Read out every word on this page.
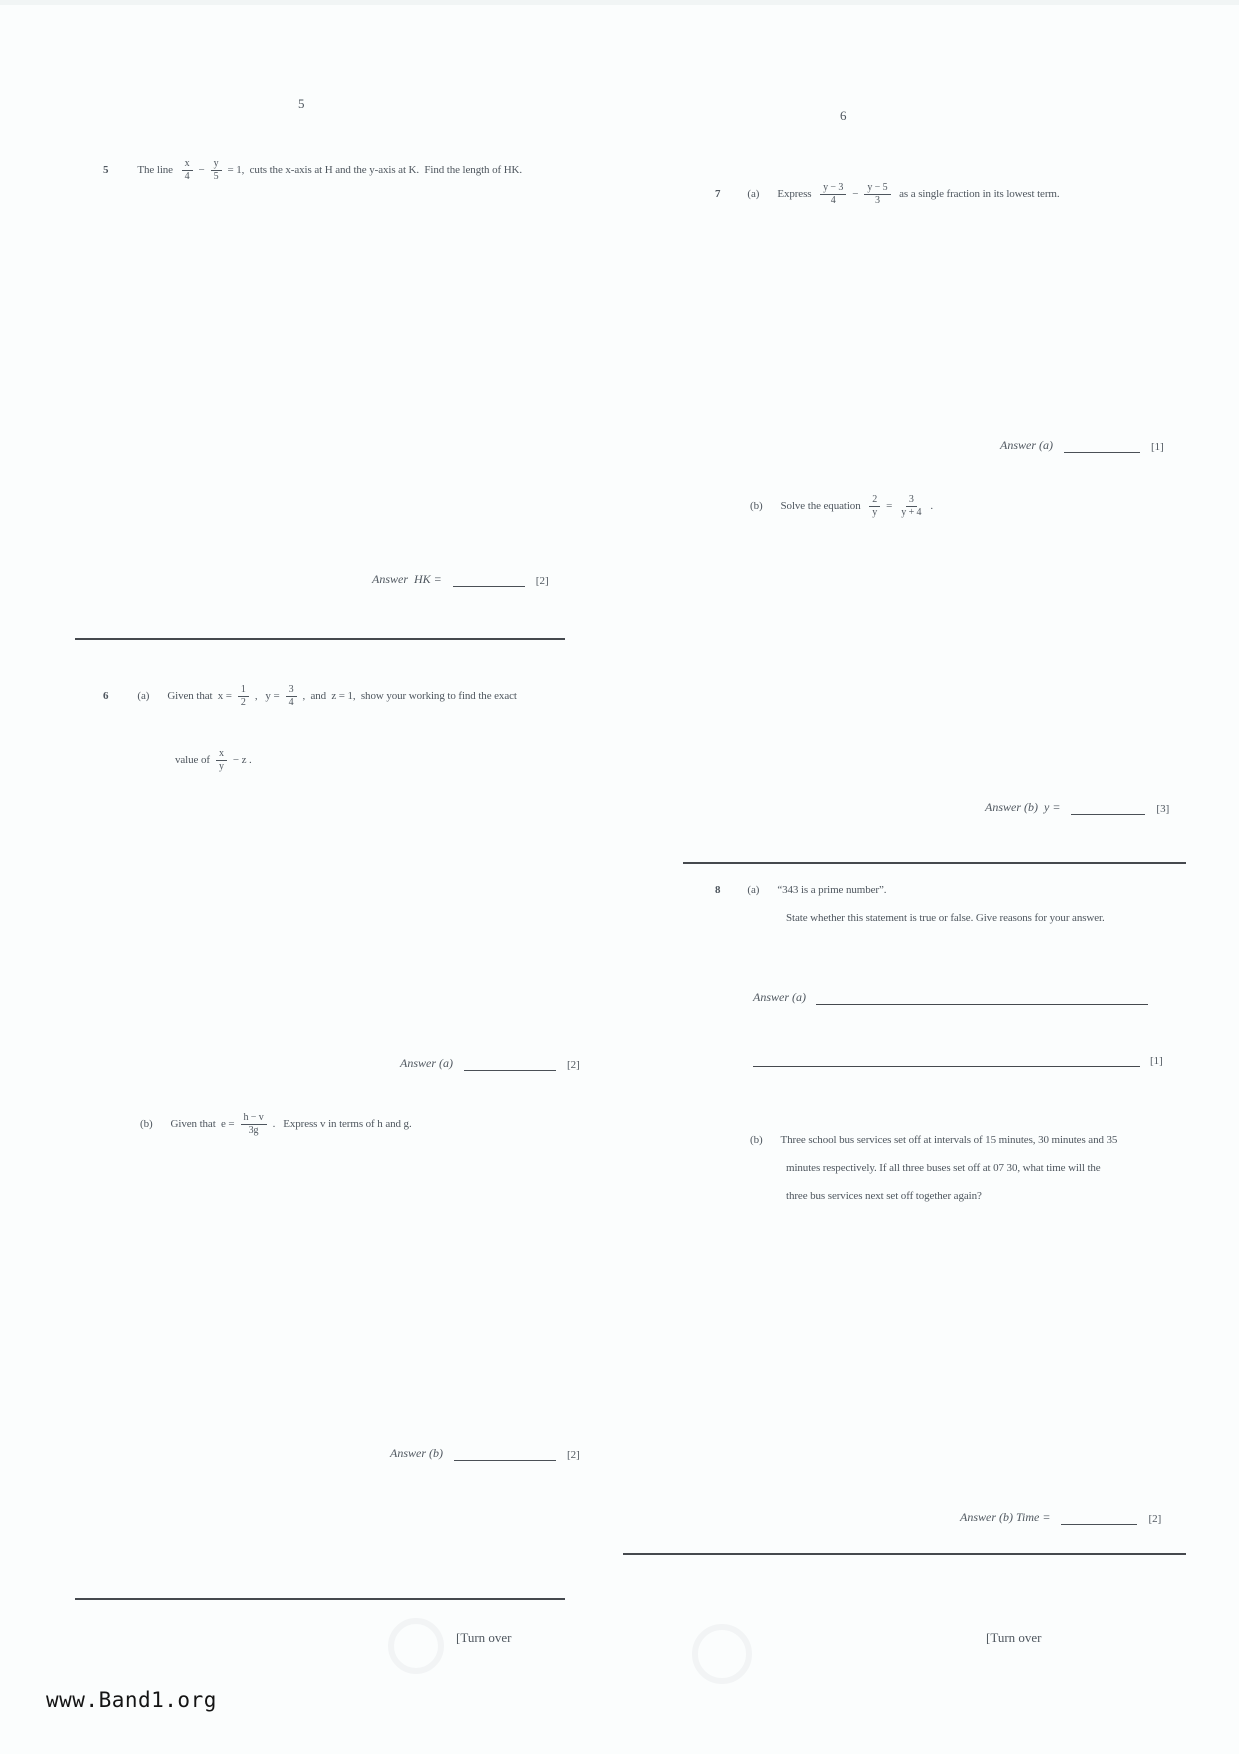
5
5	The line $\frac{x}{4} - \frac{y}{5} = 1$,  cuts the x-axis at H and the y-axis at K.  Find the length of HK.
Answer  HK =	[2]
6	(a) Given that  $x = \frac{1}{2}$ ,   $y = \frac{3}{4}$ ,  and  z = 1,  show your working to find the exact
value of $\frac{x}{y} - z$ .
Answer (a)	[2]
(b) Given that  $e = \frac{h - v}{3g}$ .   Express v in terms of h and g.
Answer (b)	[2]
[Turn over
6
7 (a) Express $\frac{y - 3}{4} - \frac{y - 5}{3}$ as a single fraction in its lowest term.
Answer (a)	[1]
(b) Solve the equation $\frac{2}{y} = \frac{3}{y + 4}$ .
Answer (b)  y =	[3]
8 (a) “343 is a prime number”.
State whether this statement is true or false. Give reasons for your answer.
Answer (a)
[1]
(b) Three school bus services set off at intervals of 15 minutes, 30 minutes and 35
minutes respectively. If all three buses set off at 07 30, what time will the
three bus services next set off together again?
Answer (b) Time =	[2]
[Turn over
www.Band1.org
